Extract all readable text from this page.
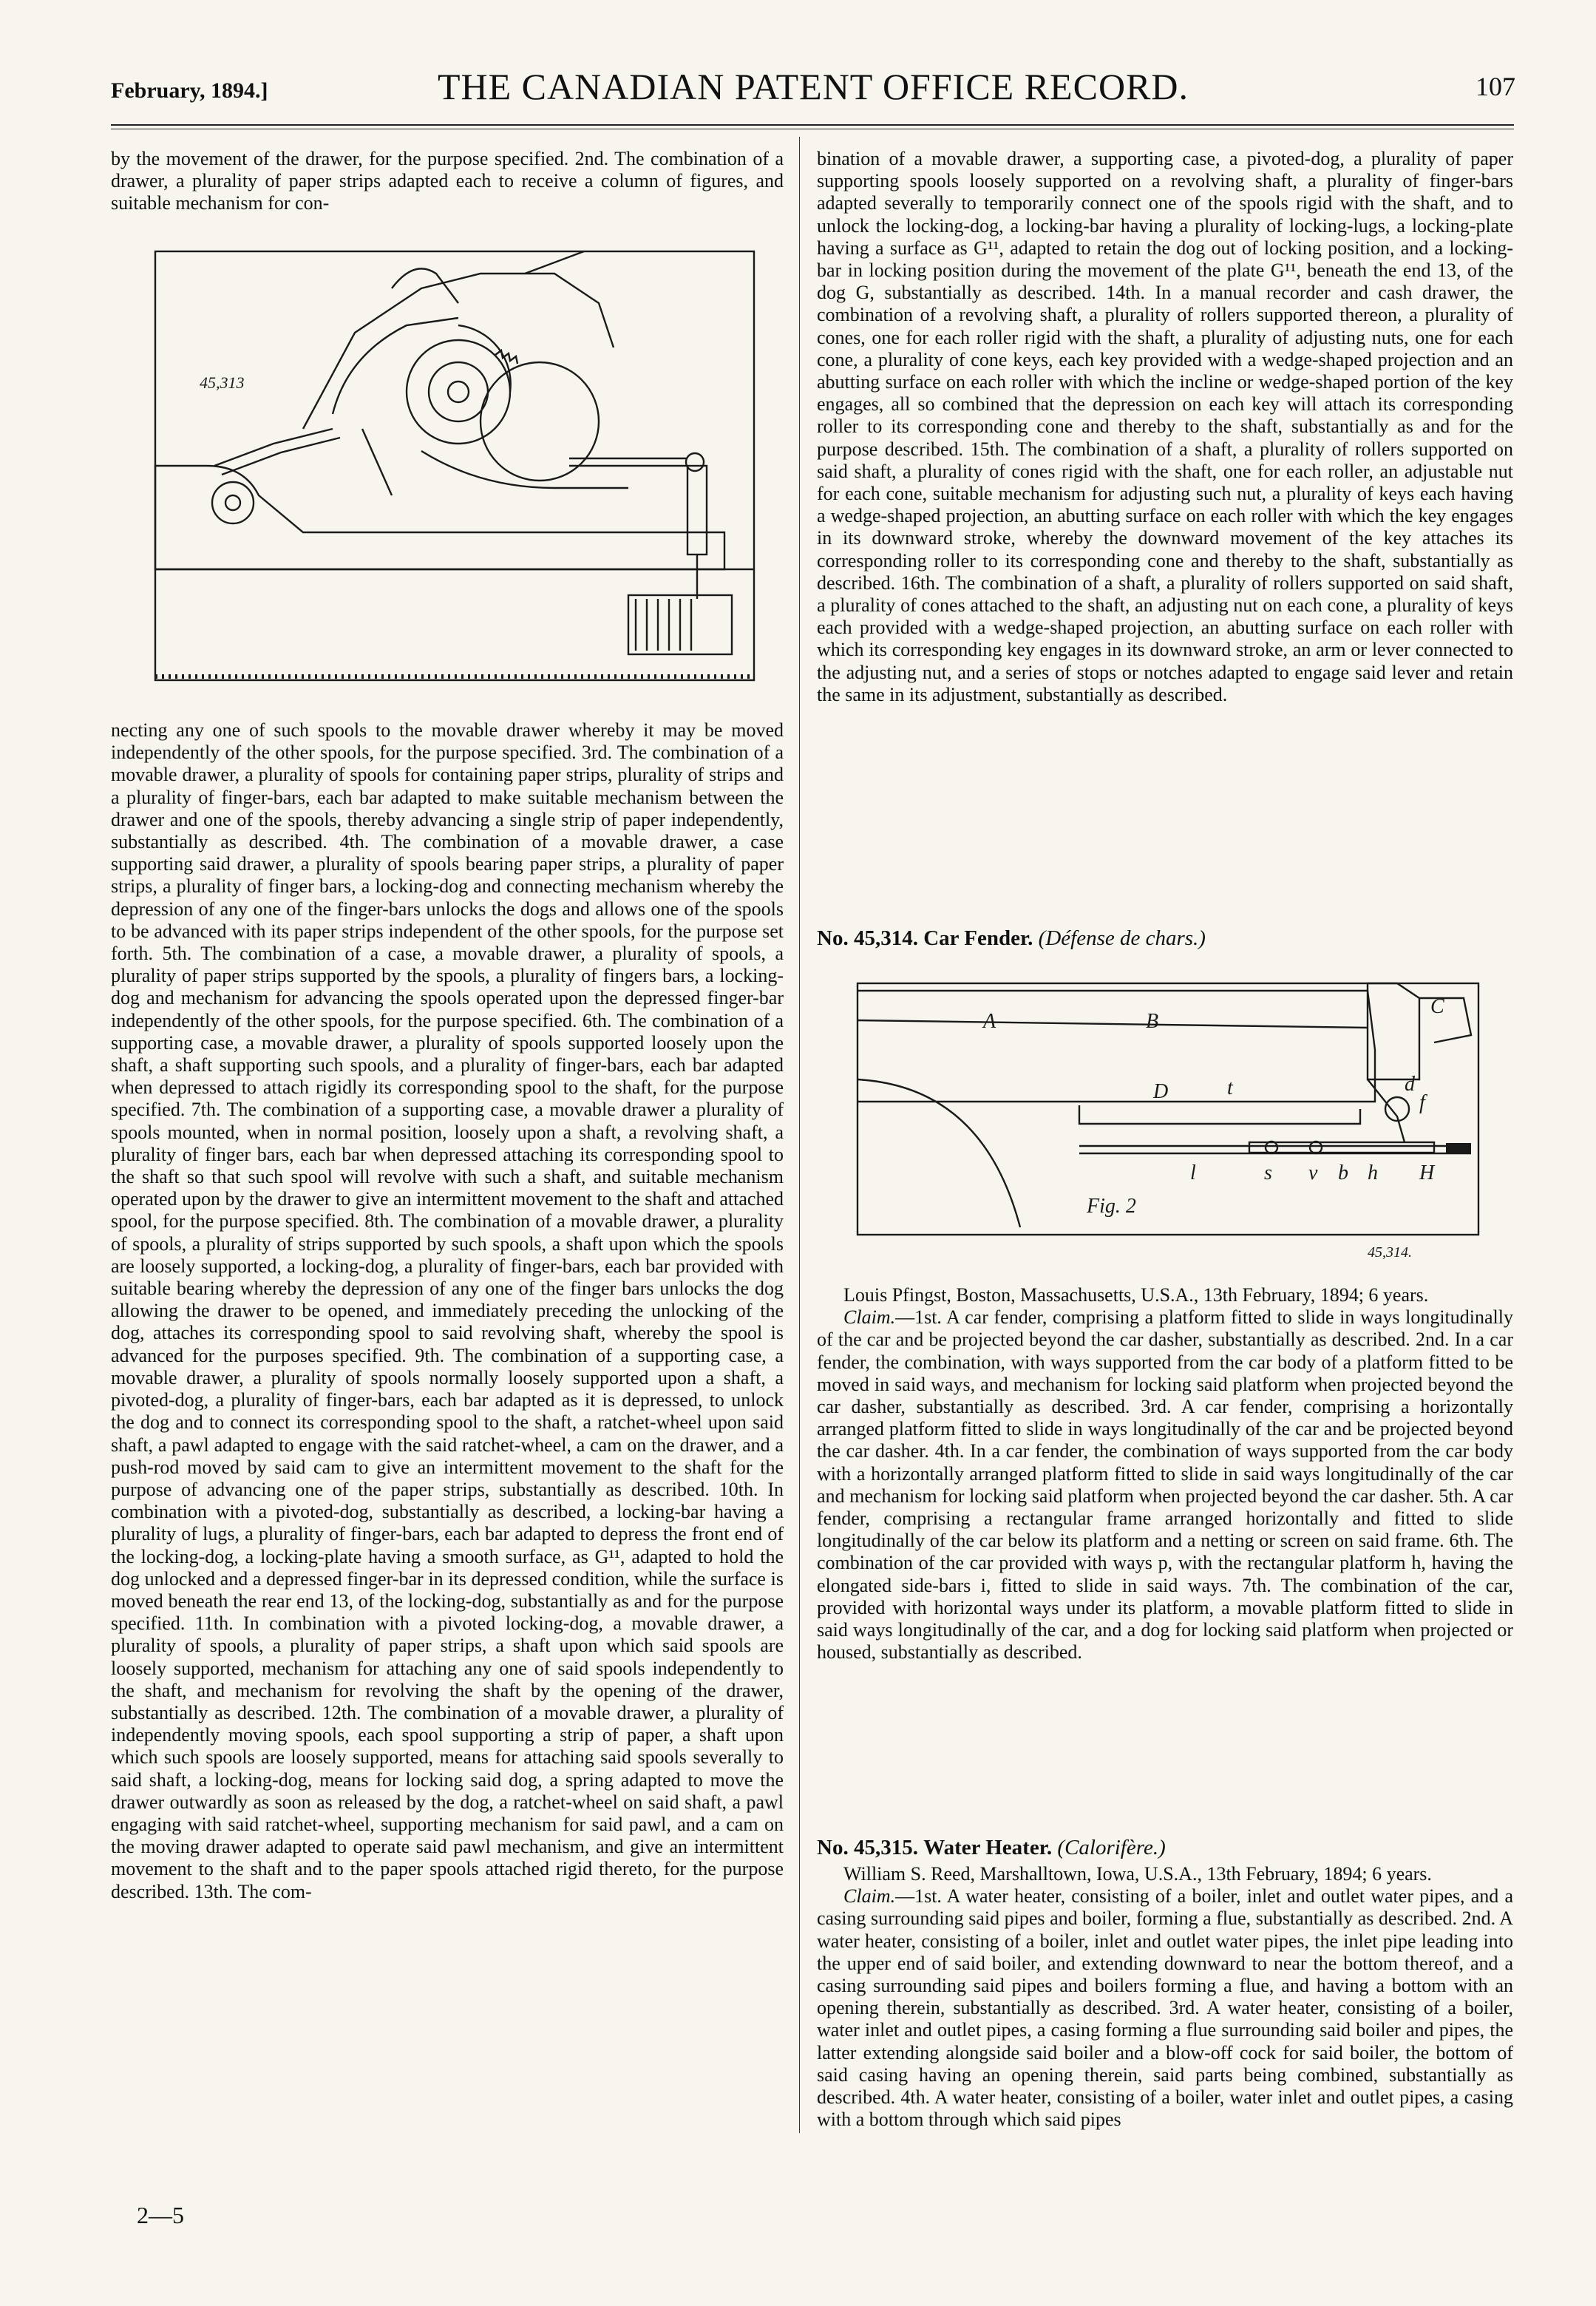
February, 1894.]	THE CANADIAN PATENT OFFICE RECORD.	107

by the movement of the drawer, for the purpose specified. 2nd. The combination of a drawer, a plurality of paper strips adapted each to receive a column of figures, and suitable mechanism for con-

45,313

necting any one of such spools to the movable drawer whereby it may be moved independently of the other spools, for the purpose specified. 3rd. The combination of a movable drawer, a plurality of spools for containing paper strips, plurality of strips and a plurality of finger-bars, each bar adapted to make suitable mechanism between the drawer and one of the spools, thereby advancing a single strip of paper independently, substantially as described. 4th. The combination of a movable drawer, a case supporting said drawer, a plurality of spools bearing paper strips, a plurality of paper strips, a plurality of finger bars, a locking-dog and connecting mechanism whereby the depression of any one of the finger-bars unlocks the dogs and allows one of the spools to be advanced with its paper strips independent of the other spools, for the purpose set forth. 5th. The combination of a case, a movable drawer, a plurality of spools, a plurality of paper strips supported by the spools, a plurality of fingers bars, a locking-dog and mechanism for advancing the spools operated upon the depressed finger-bar independently of the other spools, for the purpose specified. 6th. The combination of a supporting case, a movable drawer, a plurality of spools supported loosely upon the shaft, a shaft supporting such spools, and a plurality of finger-bars, each bar adapted when depressed to attach rigidly its corresponding spool to the shaft, for the purpose specified. 7th. The combination of a supporting case, a movable drawer a plurality of spools mounted, when in normal position, loosely upon a shaft, a revolving shaft, a plurality of finger bars, each bar when depressed attaching its corresponding spool to the shaft so that such spool will revolve with such a shaft, and suitable mechanism operated upon by the drawer to give an intermittent movement to the shaft and attached spool, for the purpose specified. 8th. The combination of a movable drawer, a plurality of spools, a plurality of strips supported by such spools, a shaft upon which the spools are loosely supported, a locking-dog, a plurality of finger-bars, each bar provided with suitable bearing whereby the depression of any one of the finger bars unlocks the dog allowing the drawer to be opened, and immediately preceding the unlocking of the dog, attaches its corresponding spool to said revolving shaft, whereby the spool is advanced for the purposes specified. 9th. The combination of a supporting case, a movable drawer, a plurality of spools normally loosely supported upon a shaft, a pivoted-dog, a plurality of finger-bars, each bar adapted as it is depressed, to unlock the dog and to connect its corresponding spool to the shaft, a ratchet-wheel upon said shaft, a pawl adapted to engage with the said ratchet-wheel, a cam on the drawer, and a push-rod moved by said cam to give an intermittent movement to the shaft for the purpose of advancing one of the paper strips, substantially as described. 10th. In combination with a pivoted-dog, substantially as described, a locking-bar having a plurality of lugs, a plurality of finger-bars, each bar adapted to depress the front end of the locking-dog, a locking-plate having a smooth surface, as G¹¹, adapted to hold the dog unlocked and a depressed finger-bar in its depressed condition, while the surface is moved beneath the rear end 13, of the locking-dog, substantially as and for the purpose specified. 11th. In combination with a pivoted locking-dog, a movable drawer, a plurality of spools, a plurality of paper strips, a shaft upon which said spools are loosely supported, mechanism for attaching any one of said spools independently to the shaft, and mechanism for revolving the shaft by the opening of the drawer, substantially as described. 12th. The combination of a movable drawer, a plurality of independently moving spools, each spool supporting a strip of paper, a shaft upon which such spools are loosely supported, means for attaching said spools severally to said shaft, a locking-dog, means for locking said dog, a spring adapted to move the drawer outwardly as soon as released by the dog, a ratchet-wheel on said shaft, a pawl engaging with said ratchet-wheel, supporting mechanism for said pawl, and a cam on the moving drawer adapted to operate said pawl mechanism, and give an intermittent movement to the shaft and to the paper spools attached rigid thereto, for the purpose described. 13th. The com-

bination of a movable drawer, a supporting case, a pivoted-dog, a plurality of paper supporting spools loosely supported on a revolving shaft, a plurality of finger-bars adapted severally to temporarily connect one of the spools rigid with the shaft, and to unlock the locking-dog, a locking-bar having a plurality of locking-lugs, a locking-plate having a surface as G¹¹, adapted to retain the dog out of locking position, and a locking-bar in locking position during the movement of the plate G¹¹, beneath the end 13, of the dog G, substantially as described. 14th. In a manual recorder and cash drawer, the combination of a revolving shaft, a plurality of rollers supported thereon, a plurality of cones, one for each roller rigid with the shaft, a plurality of adjusting nuts, one for each cone, a plurality of cone keys, each key provided with a wedge-shaped projection and an abutting surface on each roller with which the incline or wedge-shaped portion of the key engages, all so combined that the depression on each key will attach its corresponding roller to its corresponding cone and thereby to the shaft, substantially as and for the purpose described. 15th. The combination of a shaft, a plurality of rollers supported on said shaft, a plurality of cones rigid with the shaft, one for each roller, an adjustable nut for each cone, suitable mechanism for adjusting such nut, a plurality of keys each having a wedge-shaped projection, an abutting surface on each roller with which the key engages in its downward stroke, whereby the downward movement of the key attaches its corresponding roller to its corresponding cone and thereby to the shaft, substantially as described. 16th. The combination of a shaft, a plurality of rollers supported on said shaft, a plurality of cones attached to the shaft, an adjusting nut on each cone, a plurality of keys each provided with a wedge-shaped projection, an abutting surface on each roller with which its corresponding key engages in its downward stroke, an arm or lever connected to the adjusting nut, and a series of stops or notches adapted to engage said lever and retain the same in its adjustment, substantially as described.

No. 45,314. Car Fender. (Défense de chars.)

A	B
C
D	t
l	s v b h
f
d
H
Fig. 2
45,314.

Louis Pfingst, Boston, Massachusetts, U.S.A., 13th February, 1894; 6 years.

Claim.—1st. A car fender, comprising a platform fitted to slide in ways longitudinally of the car and be projected beyond the car dasher, substantially as described. 2nd. In a car fender, the combination, with ways supported from the car body of a platform fitted to be moved in said ways, and mechanism for locking said platform when projected beyond the car dasher, substantially as described. 3rd. A car fender, comprising a horizontally arranged platform fitted to slide in ways longitudinally of the car and be projected beyond the car dasher. 4th. In a car fender, the combination of ways supported from the car body with a horizontally arranged platform fitted to slide in said ways longitudinally of the car and mechanism for locking said platform when projected beyond the car dasher. 5th. A car fender, comprising a rectangular frame arranged horizontally and fitted to slide longitudinally of the car below its platform and a netting or screen on said frame. 6th. The combination of the car provided with ways p, with the rectangular platform h, having the elongated side-bars i, fitted to slide in said ways. 7th. The combination of the car, provided with horizontal ways under its platform, a movable platform fitted to slide in said ways longitudinally of the car, and a dog for locking said platform when projected or housed, substantially as described.

No. 45,315. Water Heater. (Calorifère.)

William S. Reed, Marshalltown, Iowa, U.S.A., 13th February, 1894; 6 years.

Claim.—1st. A water heater, consisting of a boiler, inlet and outlet water pipes, and a casing surrounding said pipes and boiler, forming a flue, substantially as described. 2nd. A water heater, consisting of a boiler, inlet and outlet water pipes, the inlet pipe leading into the upper end of said boiler, and extending downward to near the bottom thereof, and a casing surrounding said pipes and boilers forming a flue, and having a bottom with an opening therein, substantially as described. 3rd. A water heater, consisting of a boiler, water inlet and outlet pipes, a casing forming a flue surrounding said boiler and pipes, the latter extending alongside said boiler and a blow-off cock for said boiler, the bottom of said casing having an opening therein, said parts being combined, substantially as described. 4th. A water heater, consisting of a boiler, water inlet and outlet pipes, a casing with a bottom through which said pipes

2—5
